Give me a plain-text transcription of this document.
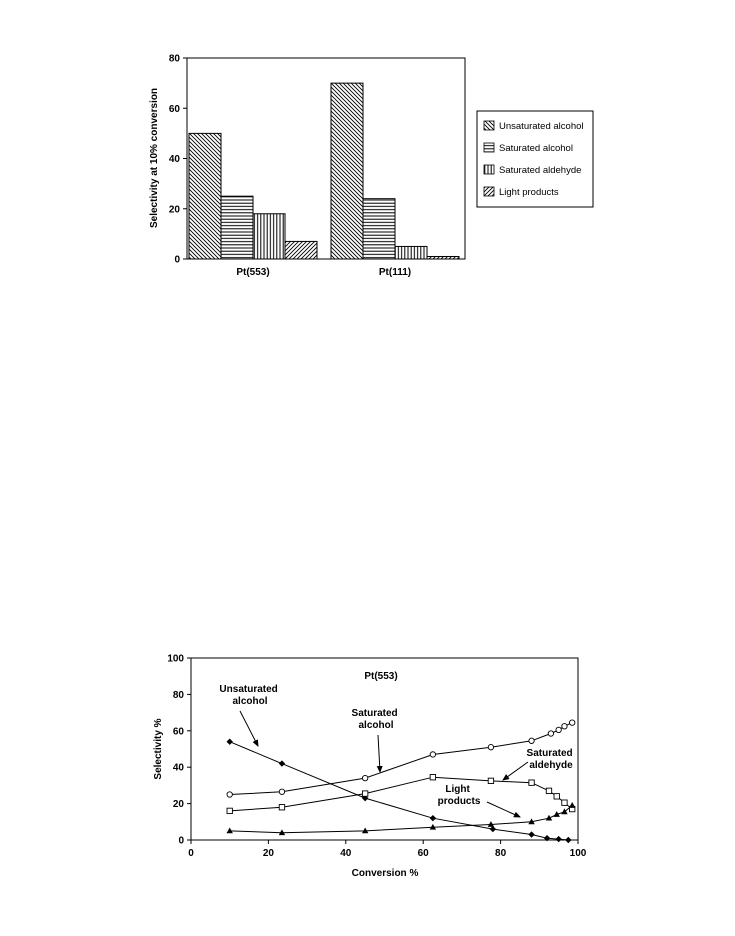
Selectivity at 10% conversion
0
20
40
60
80
Pt(553)	Pt(111)
Unsaturated alcohol
Saturated alcohol
Saturated aldehyde
Light products
Pt(553)
Selectivity %
Conversion %
0
20
40
60
80
100
0	20	40	60	80	100
Unsaturated alcohol
Saturated alcohol
Saturated aldehyde
Light products
